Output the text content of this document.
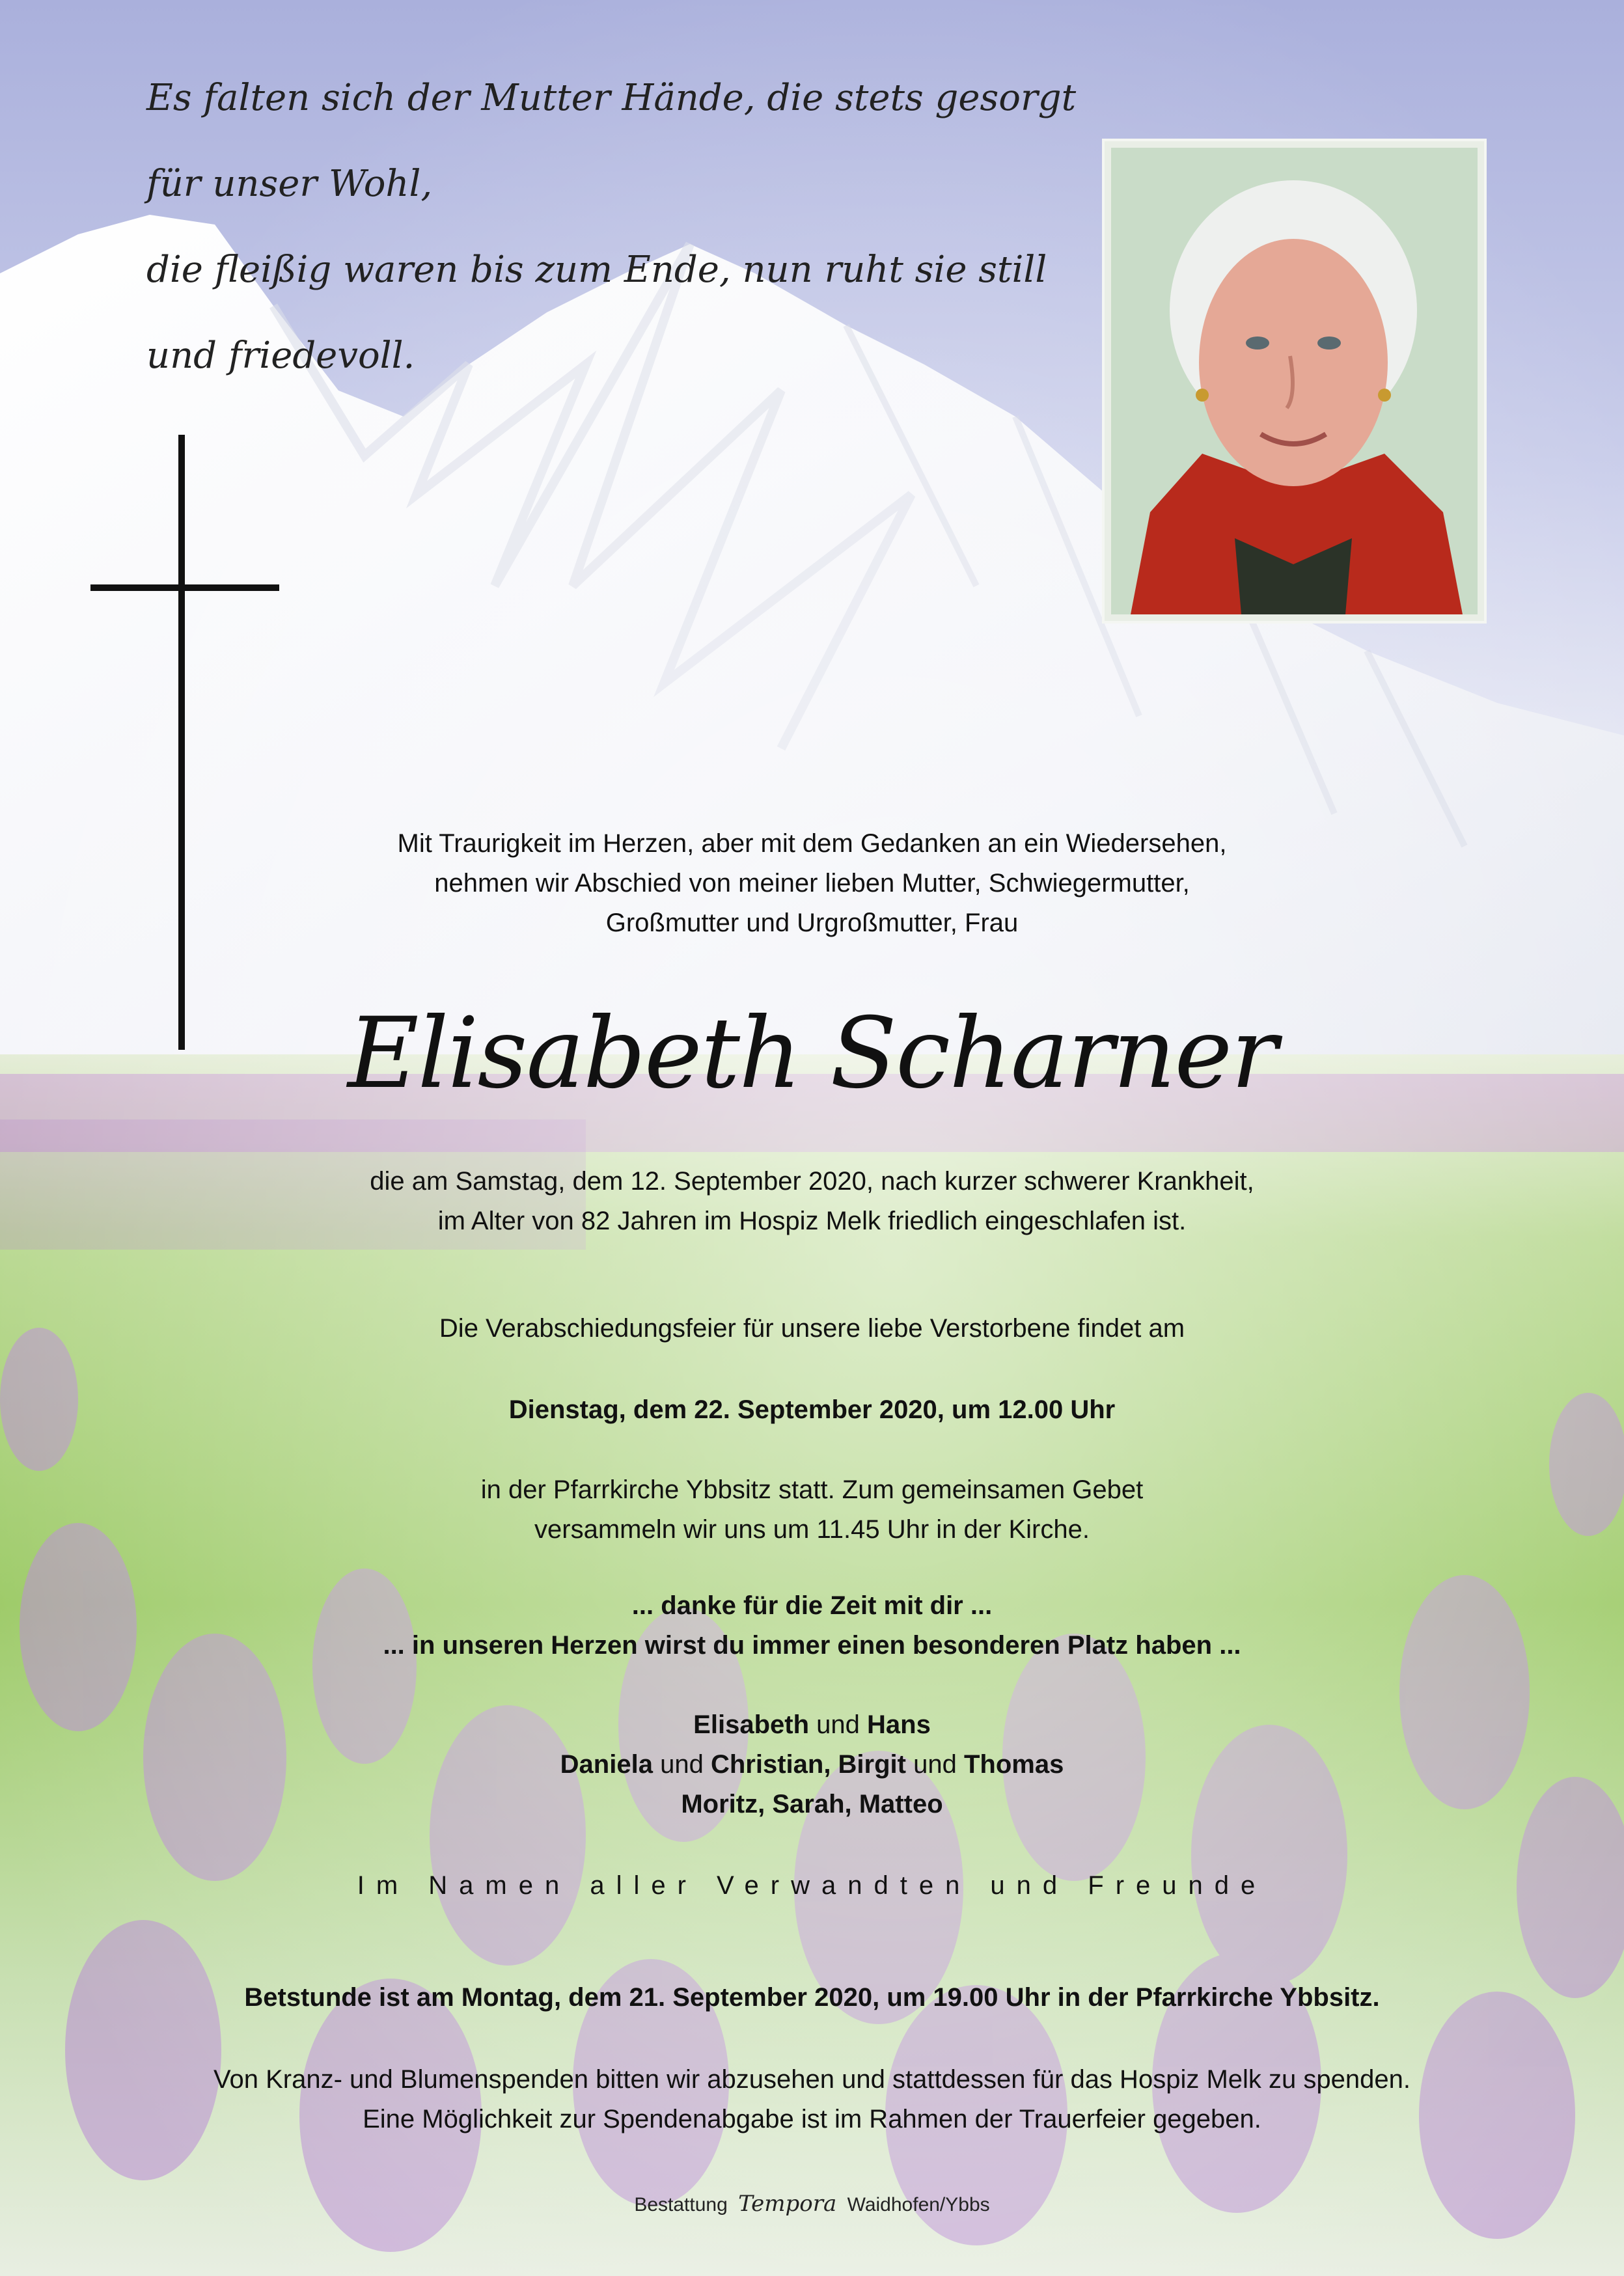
Es falten sich der Mutter Hände, die stets gesorgt für unser Wohl,
die fleißig waren bis zum Ende, nun ruht sie still und friedevoll.

Mit Traurigkeit im Herzen, aber mit dem Gedanken an ein Wiedersehen,

nehmen wir Abschied von meiner lieben Mutter, Schwiegermutter,

Großmutter und Urgroßmutter, Frau

Elisabeth Scharner

die am Samstag, dem 12. September 2020, nach kurzer schwerer Krankheit,

im Alter von 82 Jahren im Hospiz Melk friedlich eingeschlafen ist.

Die Verabschiedungsfeier für unsere liebe Verstorbene findet am
Dienstag, dem 22. September 2020, um 12.00 Uhr

in der Pfarrkirche Ybbsitz statt. Zum gemeinsamen Gebet

versammeln wir uns um 11.45 Uhr in der Kirche.

... danke für die Zeit mit dir ...

... in unseren Herzen wirst du immer einen besonderen Platz haben ...

Elisabeth und Hans

Daniela und Christian, Birgit und Thomas

Moritz, Sarah, Matteo

Im Namen aller Verwandten und Freunde
Betstunde ist am Montag, dem 21. September 2020, um 19.00 Uhr in der Pfarrkirche Ybbsitz.

Von Kranz- und Blumenspenden bitten wir abzusehen und stattdessen für das Hospiz Melk zu spenden.

Eine Möglichkeit zur Spendenabgabe ist im Rahmen der Trauerfeier gegeben.

Bestattung Tempora Waidhofen/Ybbs
